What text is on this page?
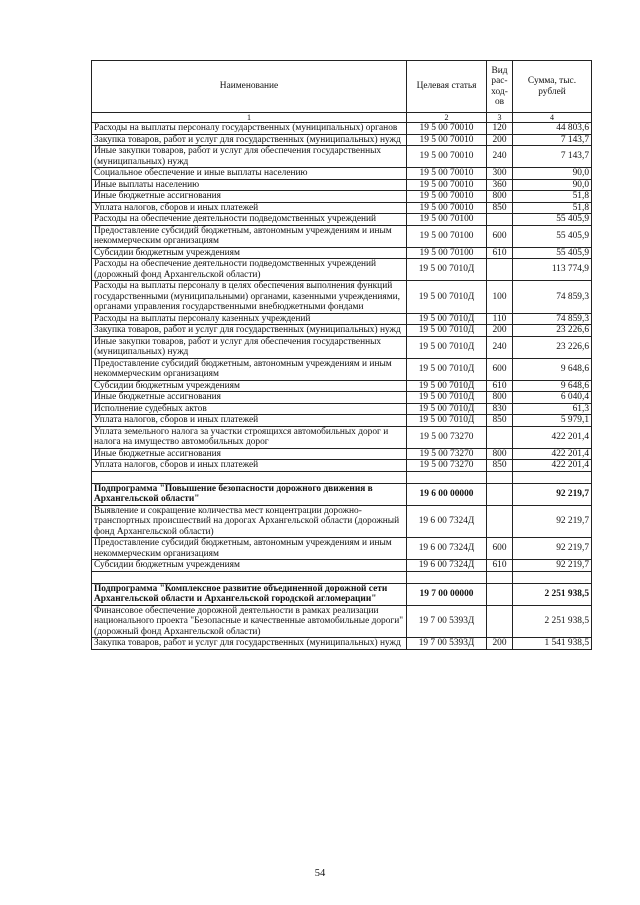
Наименование	Целевая статья	Вид рас-ход-ов	Сумма, тыс. рублей
1	2	3	4
Расходы на выплаты персоналу государственных (муниципальных) органов	19 5 00 70010	120	44 803,6
Закупка товаров, работ и услуг для государственных (муниципальных) нужд	19 5 00 70010	200	7 143,7
Иные закупки товаров, работ и услуг для обеспечения государственных (муниципальных) нужд	19 5 00 70010	240	7 143,7
Социальное обеспечение и иные выплаты населению	19 5 00 70010	300	90,0
Иные выплаты населению	19 5 00 70010	360	90,0
Иные бюджетные ассигнования	19 5 00 70010	800	51,8
Уплата налогов, сборов и иных платежей	19 5 00 70010	850	51,8
Расходы на обеспечение деятельности подведомственных учреждений	19 5 00 70100		55 405,9
Предоставление субсидий бюджетным, автономным учреждениям и иным некоммерческим организациям	19 5 00 70100	600	55 405,9
Субсидии бюджетным учреждениям	19 5 00 70100	610	55 405,9
Расходы на обеспечение деятельности подведомственных учреждений (дорожный фонд Архангельской области)	19 5 00 7010Д		113 774,9
Расходы на выплаты персоналу в целях обеспечения выполнения функций государственными (муниципальными) органами, казенными учреждениями, органами управления государственными внебюджетными фондами	19 5 00 7010Д	100	74 859,3
Расходы на выплаты персоналу казенных учреждений	19 5 00 7010Д	110	74 859,3
Закупка товаров, работ и услуг для государственных (муниципальных) нужд	19 5 00 7010Д	200	23 226,6
Иные закупки товаров, работ и услуг для обеспечения государственных (муниципальных) нужд	19 5 00 7010Д	240	23 226,6
Предоставление субсидий бюджетным, автономным учреждениям и иным некоммерческим организациям	19 5 00 7010Д	600	9 648,6
Субсидии бюджетным учреждениям	19 5 00 7010Д	610	9 648,6
Иные бюджетные ассигнования	19 5 00 7010Д	800	6 040,4
Исполнение судебных актов	19 5 00 7010Д	830	61,3
Уплата налогов, сборов и иных платежей	19 5 00 7010Д	850	5 979,1
Уплата земельного налога за участки строящихся автомобильных дорог и налога на имущество автомобильных дорог	19 5 00 73270		422 201,4
Иные бюджетные ассигнования	19 5 00 73270	800	422 201,4
Уплата налогов, сборов и иных платежей	19 5 00 73270	850	422 201,4

Подпрограмма "Повышение безопасности дорожного движения в Архангельской области"	19 6 00 00000		92 219,7
Выявление и сокращение количества мест концентрации дорожно-транспортных происшествий на дорогах Архангельской области (дорожный фонд Архангельской области)	19 6 00 7324Д		92 219,7
Предоставление субсидий бюджетным, автономным учреждениям и иным некоммерческим организациям	19 6 00 7324Д	600	92 219,7
Субсидии бюджетным учреждениям	19 6 00 7324Д	610	92 219,7

Подпрограмма "Комплексное развитие объединенной дорожной сети Архангельской области и Архангельской городской агломерации"	19 7 00 00000		2 251 938,5
Финансовое обеспечение дорожной деятельности в рамках реализации национального проекта "Безопасные и качественные автомобильные дороги" (дорожный фонд Архангельской области)	19 7 00 5393Д		2 251 938,5
Закупка товаров, работ и услуг для государственных (муниципальных) нужд	19 7 00 5393Д	200	1 541 938,5
54
